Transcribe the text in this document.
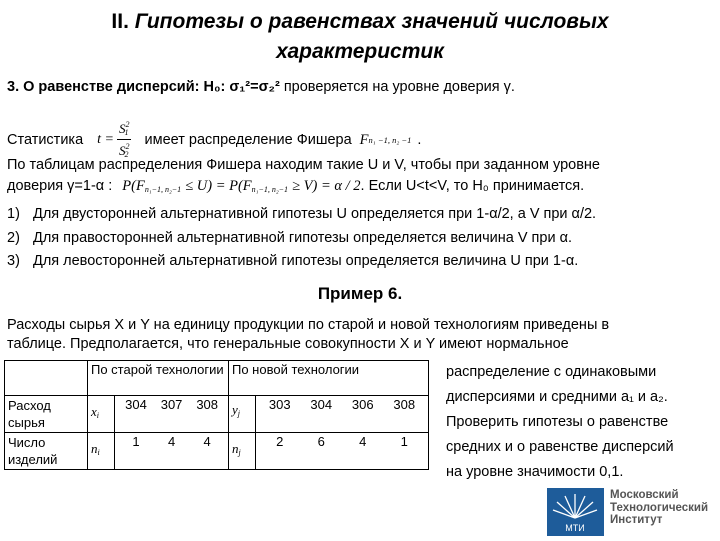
II. Гипотезы о равенствах значений числовых
характеристик
3. О равенстве дисперсий: H₀: σ₁²=σ₂² проверяется на уровне доверия γ.
Статистика $t = \frac{S^2_1}{S^2_2}$ имеет распределение Фишера F n₁ −1, n₂ −1 .
По таблицам распределения Фишера находим такие U и V, чтобы при заданном уровне
доверия γ=1-α : $P(F_{n_1-1, n_2-1} \le U) = P(F_{n_1-1, n_2-1} \ge V) = \alpha / 2$. Если U<t<V, то H₀ принимается.
1) Для двусторонней альтернативной гипотезы U определяется при 1-α/2, а V при α/2.
2) Для правосторонней альтернативной гипотезы определяется величина V при α.
3) Для левосторонней альтернативной гипотезы определяется величина U при 1-α.
Пример 6.
Расходы сырья X и Y на единицу продукции по старой и новой технологиям приведены в
таблице. Предполагается, что генеральные совокупности X и Y имеют нормальное
распределение с одинаковыми
дисперсиями и средними a₁ и a₂.
Проверить гипотезы о равенстве
средних и о равенстве дисперсий
на уровне значимости 0,1.
	По старой технологии		По новой технологии	
Расход сырья	$x_i$	304 307 308	$y_j$	303 304 306 308

Число изделий	$n_i$	1 4 4	$n_j$	2 6 4 1
МТИ
Московский
Технологический
Институт
